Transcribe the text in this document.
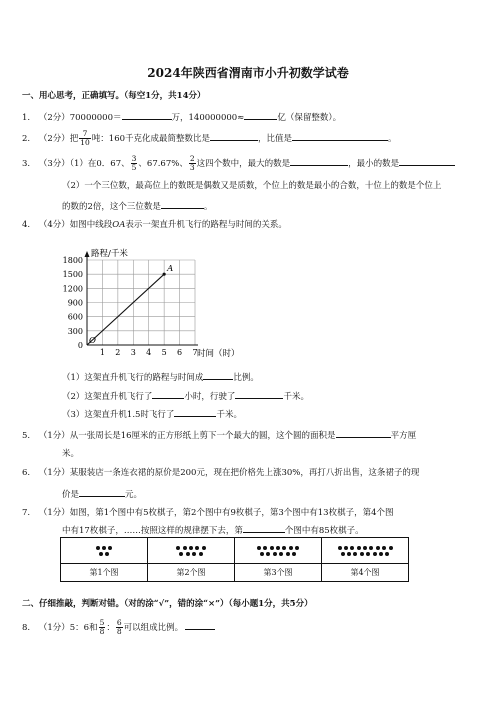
2024年陕西省渭南市小升初数学试卷
一、用心思考，正确填写。（每空1分，共14分）
1. （2分）70000000＝	万，140000000≈	亿（保留整数）。
2. （2分）把 $\frac{7}{10}$ 吨：160千克化成最简整数比是	，比值是	。
3. （3分）（1）在0．67、 $\frac{3}{5}$ 、67.67%、 $\frac{2}{3}$ 这四个数中，最大的数是	，最小的数是
（2）一个三位数，最高位上的数既是偶数又是质数，个位上的数是最小的合数，十位上的数是个位上
的数的2倍，这个三位数是	。
4. （4分）如图中线段OA表示一架直升机飞行的路程与时间的关系。
1800
1500
1200
900
600
300
0
1 2 3 4 5 6 7
O
A
路程/千米
时间（时）
（1）这架直升机飞行的路程与时间成	比例。
（2）这架直升机飞行了	小时，行驶了	千米。
（3）这架直升机1.5时飞行了	千米。
5. （1分）从一张周长是16厘米的正方形纸上剪下一个最大的圆，这个圆的面积是	平方厘
米。
6. （1分）某服装店一条连衣裙的原价是200元，现在把价格先上涨30%，再打八折出售，这条裙子的现
价是	元。
7. （1分）如图，第1个图中有5枚棋子，第2个图中有9枚棋子，第3个图中有13枚棋子，第4个图
中有17枚棋子，……按照这样的规律摆下去，第	个图中有85枚棋子。

第1个图	第2个图	第3个图	第4个图
二、仔细推敲，判断对错。（对的涂“√”，错的涂“×”）（每小题1分，共5分）
8. （1分）5：6和 $\frac{5}{8}$ ： $\frac{6}{8}$ 可以组成比例。
